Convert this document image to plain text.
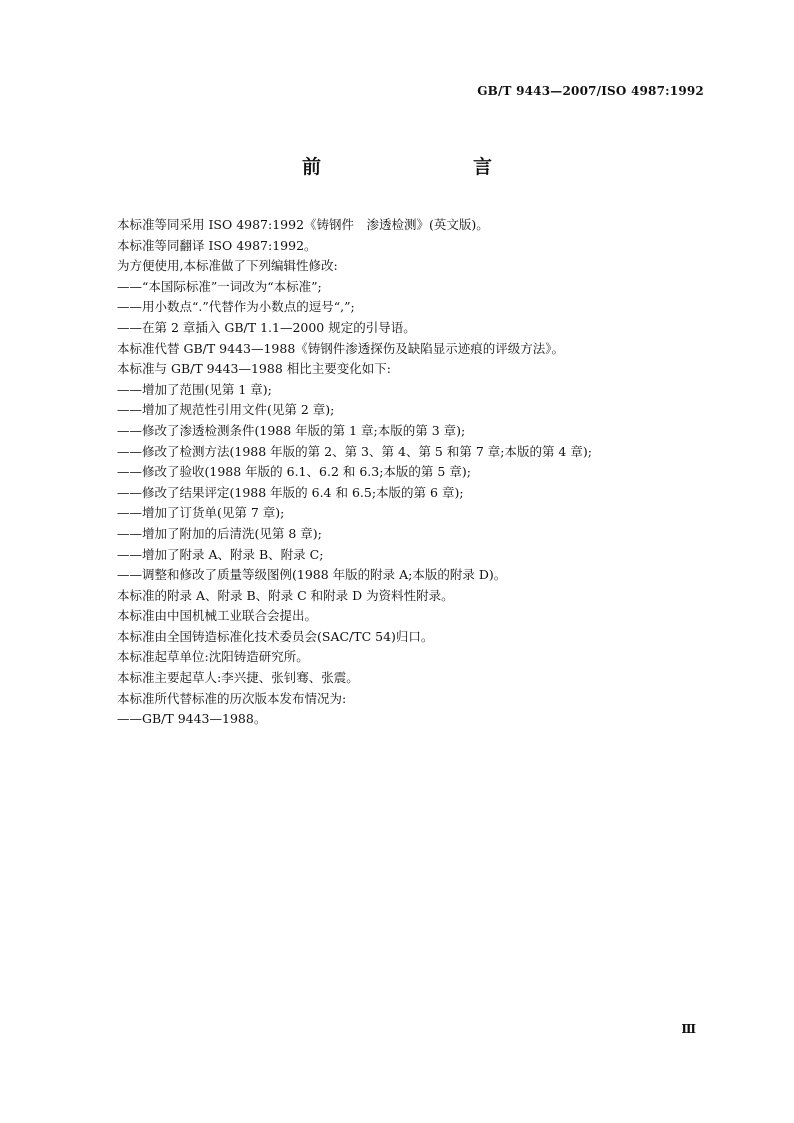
GB/T 9443—2007/ISO 4987:1992
前　　言
本标准等同采用 ISO 4987:1992《铸钢件　渗透检测》(英文版)。
本标准等同翻译 ISO 4987:1992。
为方便使用,本标准做了下列编辑性修改:
——“本国际标准”一词改为“本标准”;
——用小数点“.”代替作为小数点的逗号“,”;
——在第 2 章插入 GB/T 1.1—2000 规定的引导语。
本标准代替 GB/T 9443—1988《铸钢件渗透探伤及缺陷显示迹痕的评级方法》。
本标准与 GB/T 9443—1988 相比主要变化如下:
——增加了范围(见第 1 章);
——增加了规范性引用文件(见第 2 章);
——修改了渗透检测条件(1988 年版的第 1 章;本版的第 3 章);
——修改了检测方法(1988 年版的第 2、第 3、第 4、第 5 和第 7 章;本版的第 4 章);
——修改了验收(1988 年版的 6.1、6.2 和 6.3;本版的第 5 章);
——修改了结果评定(1988 年版的 6.4 和 6.5;本版的第 6 章);
——增加了订货单(见第 7 章);
——增加了附加的后清洗(见第 8 章);
——增加了附录 A、附录 B、附录 C;
——调整和修改了质量等级图例(1988 年版的附录 A;本版的附录 D)。
本标准的附录 A、附录 B、附录 C 和附录 D 为资料性附录。
本标准由中国机械工业联合会提出。
本标准由全国铸造标准化技术委员会(SAC/TC 54)归口。
本标准起草单位:沈阳铸造研究所。
本标准主要起草人:李兴捷、张钊骞、张震。
本标准所代替标准的历次版本发布情况为:
——GB/T 9443—1988。
Ⅲ
